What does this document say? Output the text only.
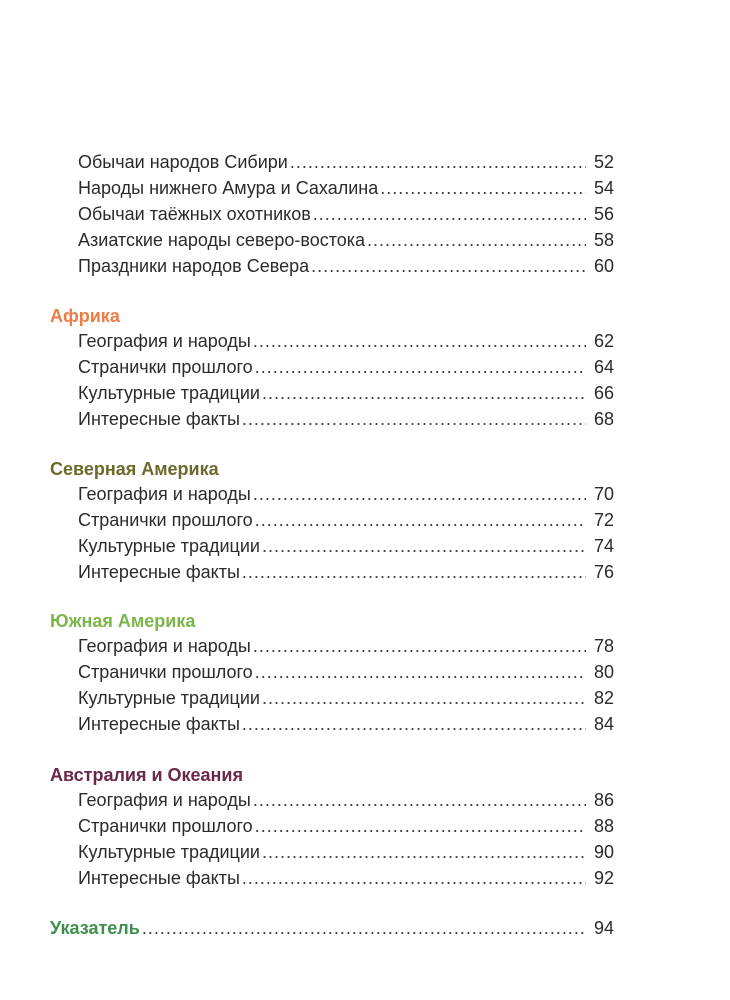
Обычаи народов Сибири .....	52
Народы нижнего Амура и Сахалина .....	54
Обычаи таёжных охотников .....	56
Азиатские народы северо-востока .....	58
Праздники народов Севера .....	60
Африка
География и народы .....	62
Странички прошлого .....	64
Культурные традиции .....	66
Интересные факты .....	68
Северная Америка
География и народы .....	70
Странички прошлого .....	72
Культурные традиции .....	74
Интересные факты .....	76
Южная Америка
География и народы .....	78
Странички прошлого .....	80
Культурные традиции .....	82
Интересные факты .....	84
Австралия и Океания
География и народы .....	86
Странички прошлого .....	88
Культурные традиции .....	90
Интересные факты .....	92
Указатель .....	94
